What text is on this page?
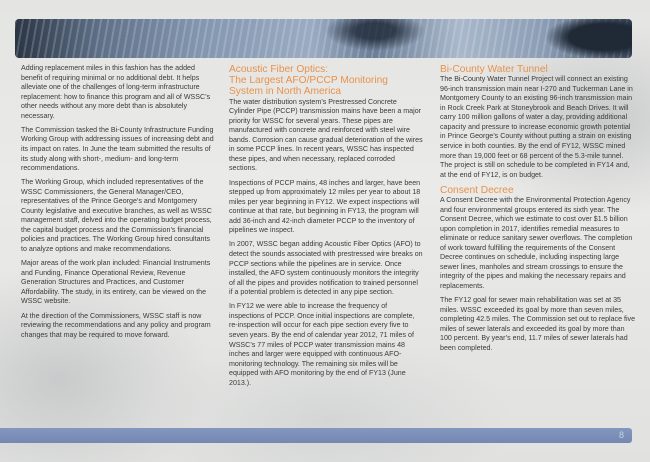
Adding replacement miles in this fashion has the added benefit of requiring minimal or no additional debt. It helps alleviate one of the challenges of long-term infrastructure replacement: how to finance this program and all of WSSC’s other needs without any more debt than is absolutely necessary.

The Commission tasked the Bi-County Infrastructure Funding Working Group with addressing issues of increasing debt and its impact on rates. In June the team submitted the results of its study along with short-, medium- and long-term recommendations.

The Working Group, which included representatives of the WSSC Commissioners, the General Manager/CEO, representatives of the Prince George’s and Montgomery County legislative and executive branches, as well as WSSC management staff, delved into the operating budget process, the capital budget process and the Commission’s financial policies and practices. The Working Group hired consultants to analyze options and make recommendations.

Major areas of the work plan included: Financial Instruments and Funding, Finance Operational Review, Revenue Generation Structures and Practices, and Customer Affordability. The study, in its entirety, can be viewed on the WSSC website.

At the direction of the Commissioners, WSSC staff is now reviewing the recommendations and any policy and program changes that may be required to move forward.

Acoustic Fiber Optics:
The Largest AFO/PCCP Monitoring
System in North America

The water distribution system’s Prestressed Concrete Cylinder Pipe (PCCP) transmission mains have been a major priority for WSSC for several years. These pipes are manufactured with concrete and reinforced with steel wire bands. Corrosion can cause gradual deterioration of the wires in some PCCP lines. In recent years, WSSC has inspected these pipes, and when necessary, replaced corroded sections.

Inspections of PCCP mains, 48 inches and larger, have been stepped up from approximately 12 miles per year to about 18 miles per year beginning in FY12. We expect inspections will continue at that rate, but beginning in FY13, the program will add 36-inch and 42-inch diameter PCCP to the inventory of pipelines we inspect.

In 2007, WSSC began adding Acoustic Fiber Optics (AFO) to detect the sounds associated with prestressed wire breaks on PCCP sections while the pipelines are in service. Once installed, the AFO system continuously monitors the integrity of all the pipes and provides notification to trained personnel if a potential problem is detected in any pipe section.

In FY12 we were able to increase the frequency of inspections of PCCP. Once initial inspections are complete, re-inspection will occur for each pipe section every five to seven years. By the end of calendar year 2012, 71 miles of WSSC’s 77 miles of PCCP water transmission mains 48 inches and larger were equipped with continuous AFO-monitoring technology. The remaining six miles will be equipped with AFO monitoring by the end of FY13 (June 2013.).

Bi-County Water Tunnel

The Bi-County Water Tunnel Project will connect an existing 96-inch transmission main near I-270 and Tuckerman Lane in Montgomery County to an existing 96-inch transmission main in Rock Creek Park at Stoneybrook and Beach Drives. It will carry 100 million gallons of water a day, providing additional capacity and pressure to increase economic growth potential in Prince George’s County without putting a strain on existing service in both counties. By the end of FY12, WSSC mined more than 19,000 feet or 68 percent of the 5.3-mile tunnel. The project is still on schedule to be completed in FY14 and, at the end of FY12, is on budget.

Consent Decree

A Consent Decree with the Environmental Protection Agency and four environmental groups entered its sixth year. The Consent Decree, which we estimate to cost over $1.5 billion upon completion in 2017, identifies remedial measures to eliminate or reduce sanitary sewer overflows. The completion of work toward fulfilling the requirements of the Consent Decree continues on schedule, including inspecting large sewer lines, manholes and stream crossings to ensure the integrity of the pipes and making the necessary repairs and replacements.

The FY12 goal for sewer main rehabilitation was set at 35 miles. WSSC exceeded its goal by more than seven miles, completing 42.5 miles. The Commission set out to replace five miles of sewer laterals and exceeded its goal by more than 100 percent. By year’s end, 11.7 miles of sewer laterals had been completed.

8
